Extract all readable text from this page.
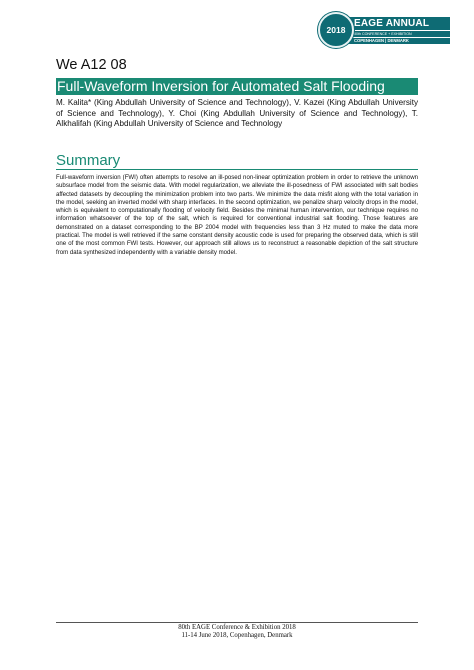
EAGE ANNUAL
80th CONFERENCE + EXHIBITION
COPENHAGEN | DENMARK
2018
We A12 08
Full-Waveform Inversion for Automated Salt Flooding
M. Kalita* (King Abdullah University of Science and Technology), V. Kazei (King Abdullah University of Science and Technology), Y. Choi (King Abdullah University of Science and Technology), T. Alkhalifah (King Abdullah University of Science and Technology
Summary
Full-waveform inversion (FWI) often attempts to resolve an ill-posed non-linear optimization problem in order to retrieve the unknown subsurface model from the seismic data. With model regularization, we alleviate the ill-posedness of FWI associated with salt bodies affected datasets by decoupling the minimization problem into two parts. We minimize the data misfit along with the total variation in the model, seeking an inverted model with sharp interfaces. In the second optimization, we penalize sharp velocity drops in the model, which is equivalent to computationally flooding of velocity field. Besides the minimal human intervention, our technique requires no information whatsoever of the top of the salt, which is required for conventional industrial salt flooding. Those features are demonstrated on a dataset corresponding to the BP 2004 model with frequencies less than 3 Hz muted to make the data more practical. The model is well retrieved if the same constant density acoustic code is used for preparing the observed data, which is still one of the most common FWI tests. However, our approach still allows us to reconstruct a reasonable depiction of the salt structure from data synthesized independently with a variable density model.
80th EAGE Conference & Exhibition 2018
11-14 June 2018, Copenhagen, Denmark
